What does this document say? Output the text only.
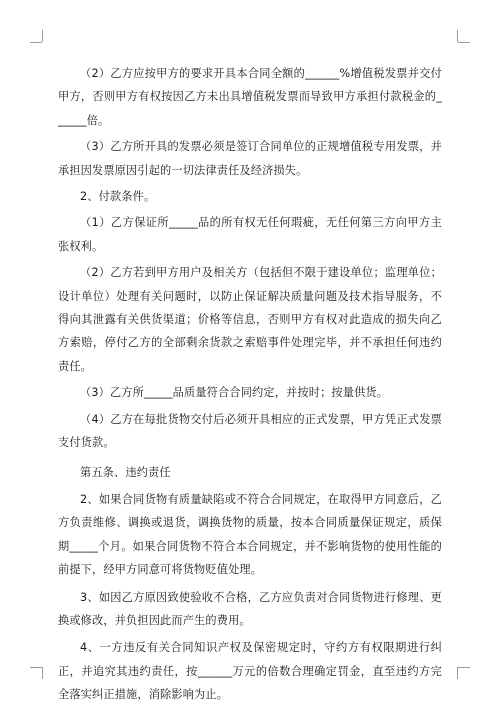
（2）乙方应按甲方的要求开具本合同全额的______%增值税发票并交付甲方，否则甲方有权按因乙方未出具增值税发票而导致甲方承担付款税金的______倍。

（3）乙方所开具的发票必须是签订合同单位的正规增值税专用发票，并承担因发票原因引起的一切法律责任及经济损失。

2、付款条件。

（1）乙方保证所_____品的所有权无任何瑕疵，无任何第三方向甲方主张权利。

（2）乙方若到甲方用户及相关方（包括但不限于建设单位；监理单位；设计单位）处理有关问题时，以防止保证解决质量问题及技术指导服务，不得向其泄露有关供货渠道；价格等信息，否则甲方有权对此造成的损失向乙方索赔，停付乙方的全部剩余货款之索赔事件处理完毕，并不承担任何违约责任。

（3）乙方所_____品质量符合合同约定，并按时；按量供货。

（4）乙方在每批货物交付后必须开具相应的正式发票，甲方凭正式发票支付货款。

第五条、违约责任

2、如果合同货物有质量缺陷或不符合合同规定，在取得甲方同意后，乙方负责维修、调换或退货，调换货物的质量，按本合同质量保证规定，质保期_____个月。如果合同货物不符合本合同规定，并不影响货物的使用性能的前提下，经甲方同意可将货物贬值处理。

3、如因乙方原因致使验收不合格，乙方应负责对合同货物进行修理、更换或修改，并负担因此而产生的费用。

4、一方违反有关合同知识产权及保密规定时，守约方有权限期进行纠正，并追究其违约责任，按______万元的倍数合理确定罚金，直至违约方完全落实纠正措施，消除影响为止。
